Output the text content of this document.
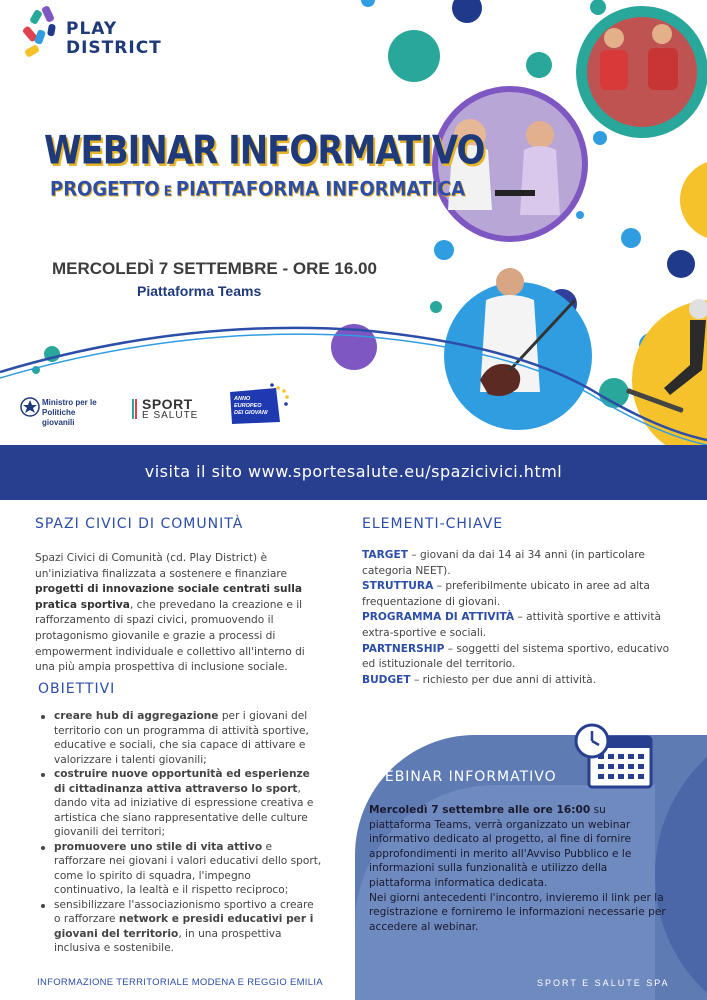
PLAY
DISTRICT
WEBINAR INFORMATIVO
PROGETTO E PIATTAFORMA INFORMATICA
MERCOLEDÌ 7 SETTEMBRE - ORE 16.00
Piattaforma Teams
Ministro per le
Politiche giovanili
SPORT
E SALUTE
ANNO
EUROPEO
DEI GIOVANI
visita il sito www.sportesalute.eu/spazicivici.html
SPAZI CIVICI DI COMUNITÀ
Spazi Civici di Comunità (cd. Play District) è un'iniziativa finalizzata a sostenere e finanziare progetti di innovazione sociale centrati sulla pratica sportiva, che prevedano la creazione e il rafforzamento di spazi civici, promuovendo il protagonismo giovanile e grazie a processi di empowerment individuale e collettivo all'interno di una più ampia prospettiva di inclusione sociale.
OBIETTIVI
creare hub di aggregazione per i giovani del territorio con un programma di attività sportive, educative e sociali, che sia capace di attivare e valorizzare i talenti giovanili;
costruire nuove opportunità ed esperienze di cittadinanza attiva attraverso lo sport, dando vita ad iniziative di espressione creativa e artistica che siano rappresentative delle culture giovanili dei territori;
promuovere uno stile di vita attivo e rafforzare nei giovani i valori educativi dello sport, come lo spirito di squadra, l'impegno continuativo, la lealtà e il rispetto reciproco;
sensibilizzare l'associazionismo sportivo a creare o rafforzare network e presidi educativi per i giovani del territorio, in una prospettiva inclusiva e sostenibile.
ELEMENTI-CHIAVE
TARGET – giovani da dai 14 ai 34 anni (in particolare categoria NEET).
STRUTTURA – preferibilmente ubicato in aree ad alta frequentazione di giovani.
PROGRAMMA DI ATTIVITÀ – attività sportive e attività extra-sportive e sociali.
PARTNERSHIP – soggetti del sistema sportivo, educativo ed istituzionale del territorio.
BUDGET – richiesto per due anni di attività.
WEBINAR INFORMATIVO
Mercoledì 7 settembre alle ore 16:00 su piattaforma Teams, verrà organizzato un webinar informativo dedicato al progetto, al fine di fornire approfondimenti in merito all'Avviso Pubblico e le informazioni sulla funzionalità e utilizzo della piattaforma informatica dedicata.
Nei giorni antecedenti l'incontro, invieremo il link per la registrazione e forniremo le informazioni necessarie per accedere al webinar.
INFORMAZIONE TERRITORIALE MODENA E REGGIO EMILIA	SPORT E SALUTE SPA
